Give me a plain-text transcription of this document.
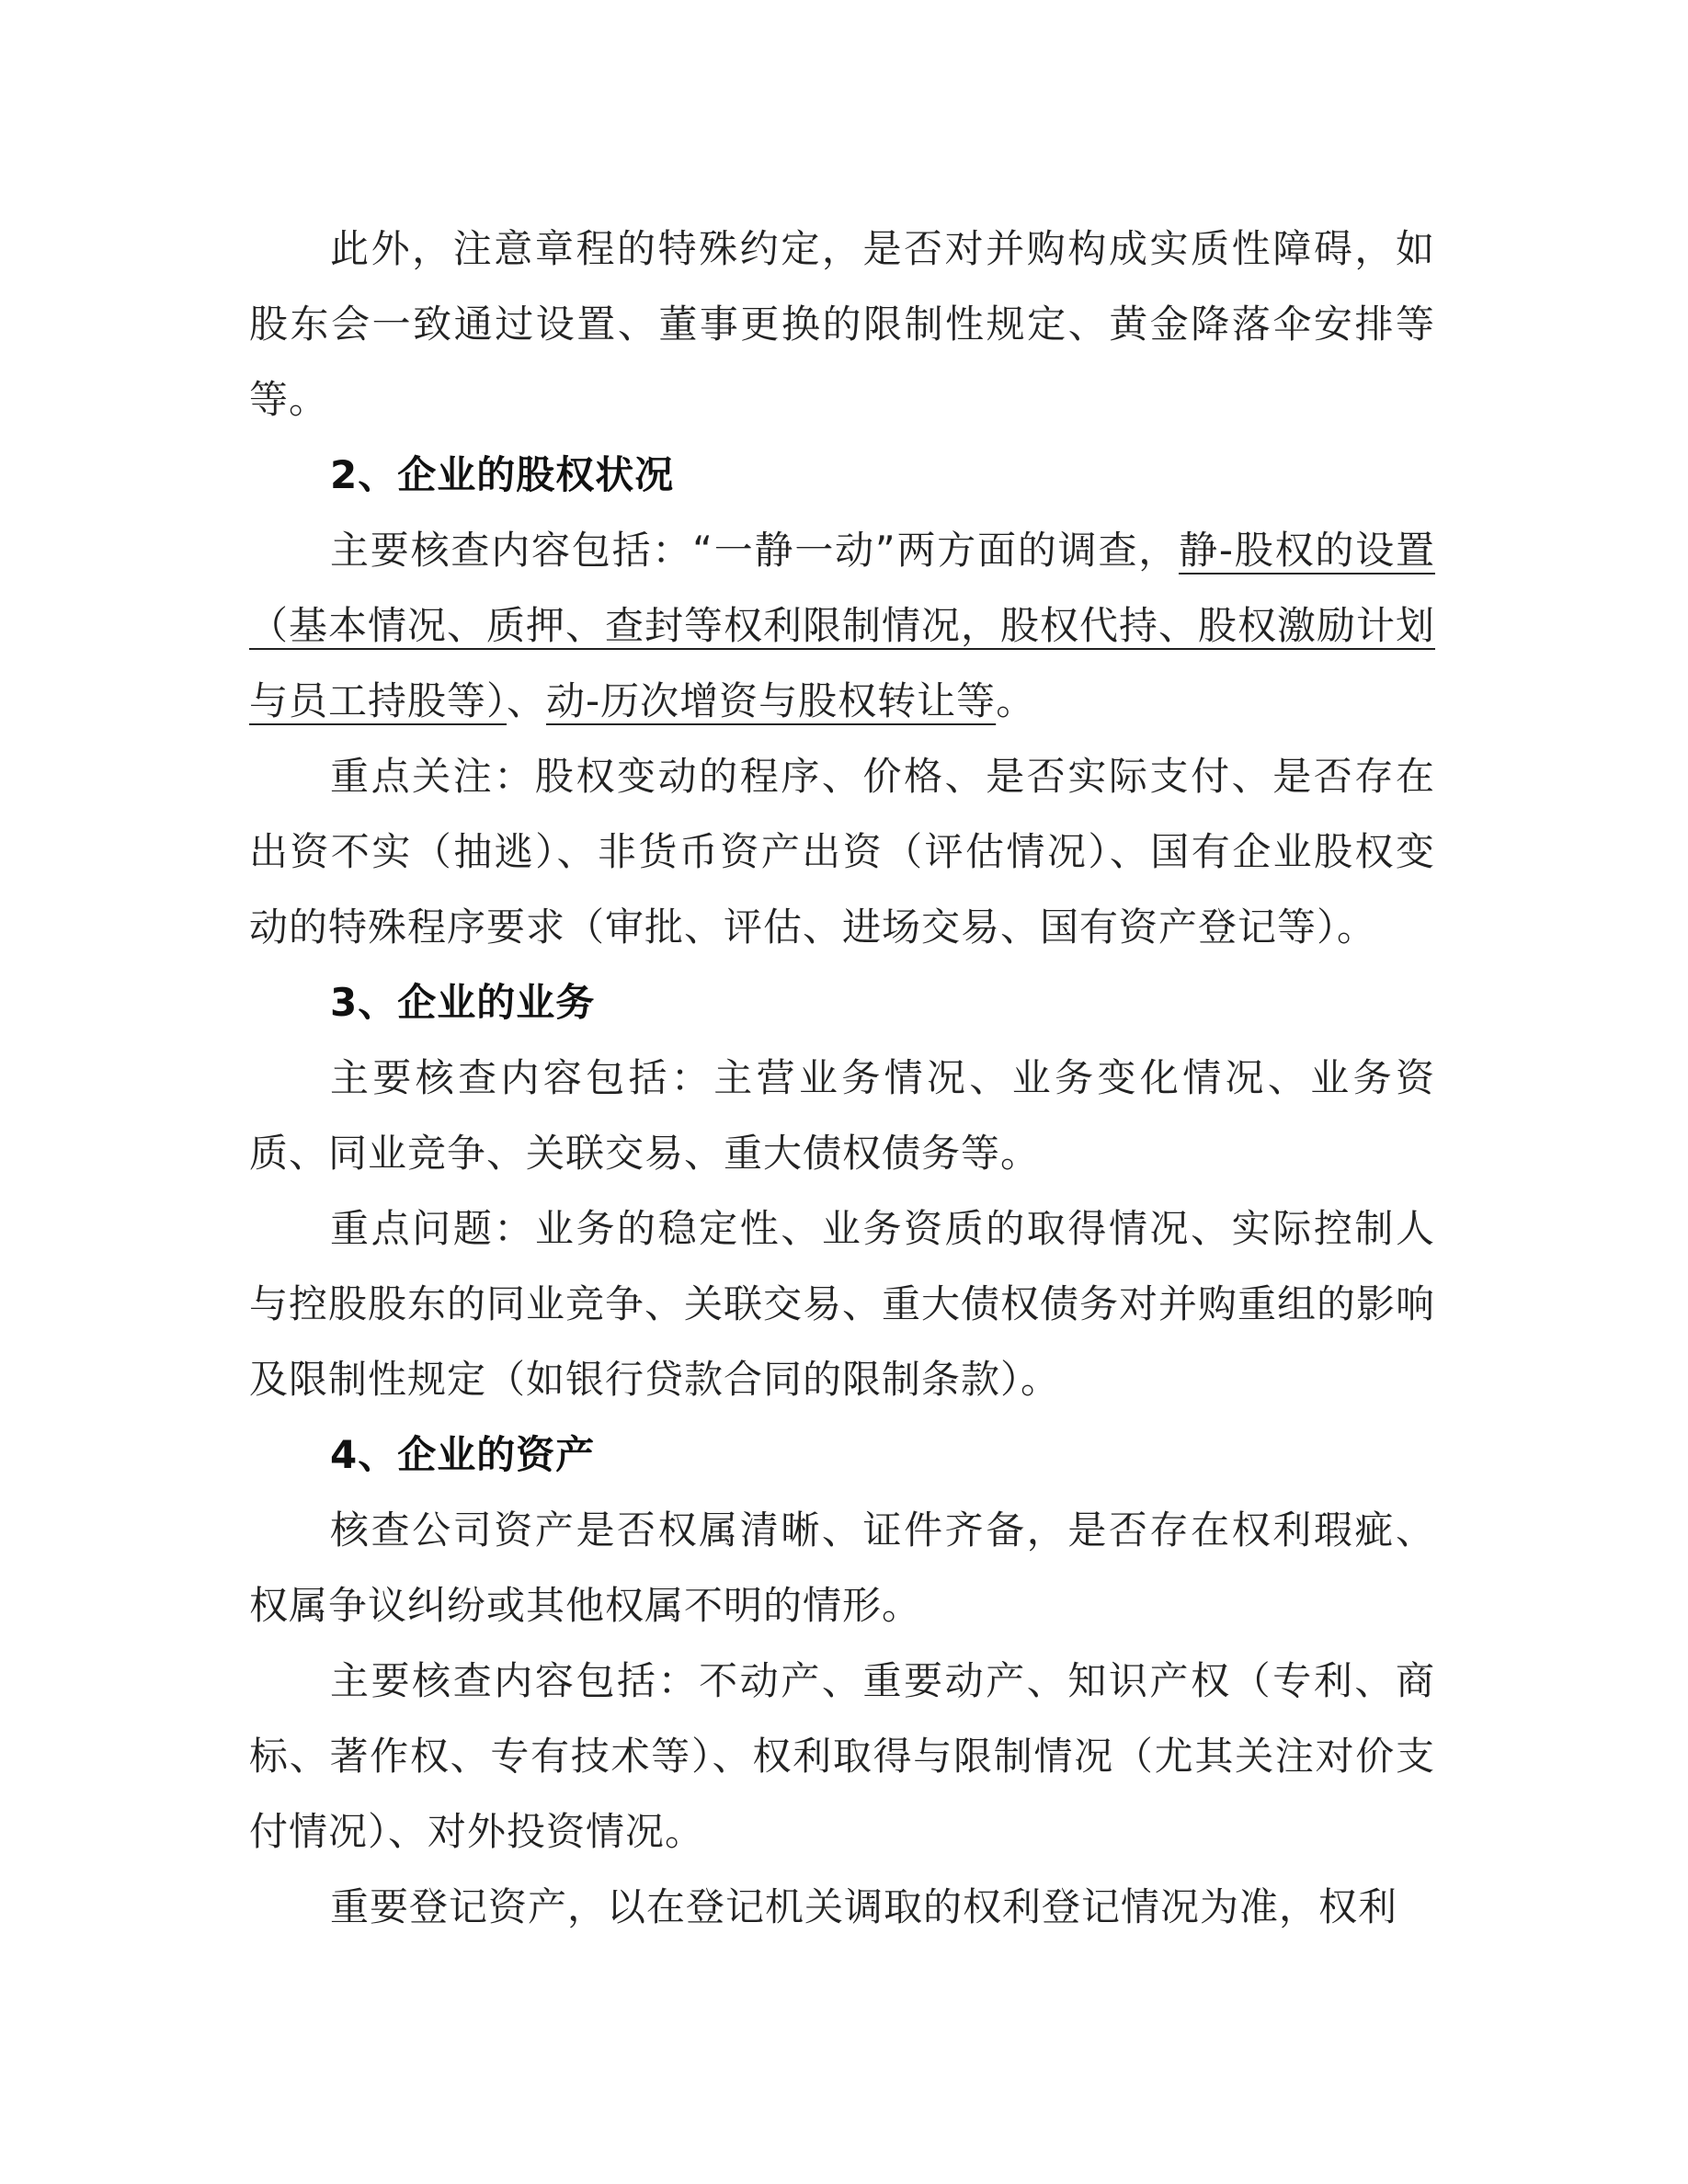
此外，注意章程的特殊约定，是否对并购构成实质性障碍，如股东会一致通过设置、董事更换的限制性规定、黄金降落伞安排等等。

2、企业的股权状况

主要核查内容包括：“一静一动”两方面的调查，静-股权的设置（基本情况、质押、查封等权利限制情况，股权代持、股权激励计划与员工持股等）、动-历次增资与股权转让等。

重点关注：股权变动的程序、价格、是否实际支付、是否存在出资不实（抽逃）、非货币资产出资（评估情况）、国有企业股权变动的特殊程序要求（审批、评估、进场交易、国有资产登记等）。

3、企业的业务

主要核查内容包括：主营业务情况、业务变化情况、业务资质、同业竞争、关联交易、重大债权债务等。

重点问题：业务的稳定性、业务资质的取得情况、实际控制人与控股股东的同业竞争、关联交易、重大债权债务对并购重组的影响及限制性规定（如银行贷款合同的限制条款）。

4、企业的资产

核查公司资产是否权属清晰、证件齐备，是否存在权利瑕疵、权属争议纠纷或其他权属不明的情形。

主要核查内容包括：不动产、重要动产、知识产权（专利、商标、著作权、专有技术等）、权利取得与限制情况（尤其关注对价支付情况）、对外投资情况。

重要登记资产，以在登记机关调取的权利登记情况为准，权利
